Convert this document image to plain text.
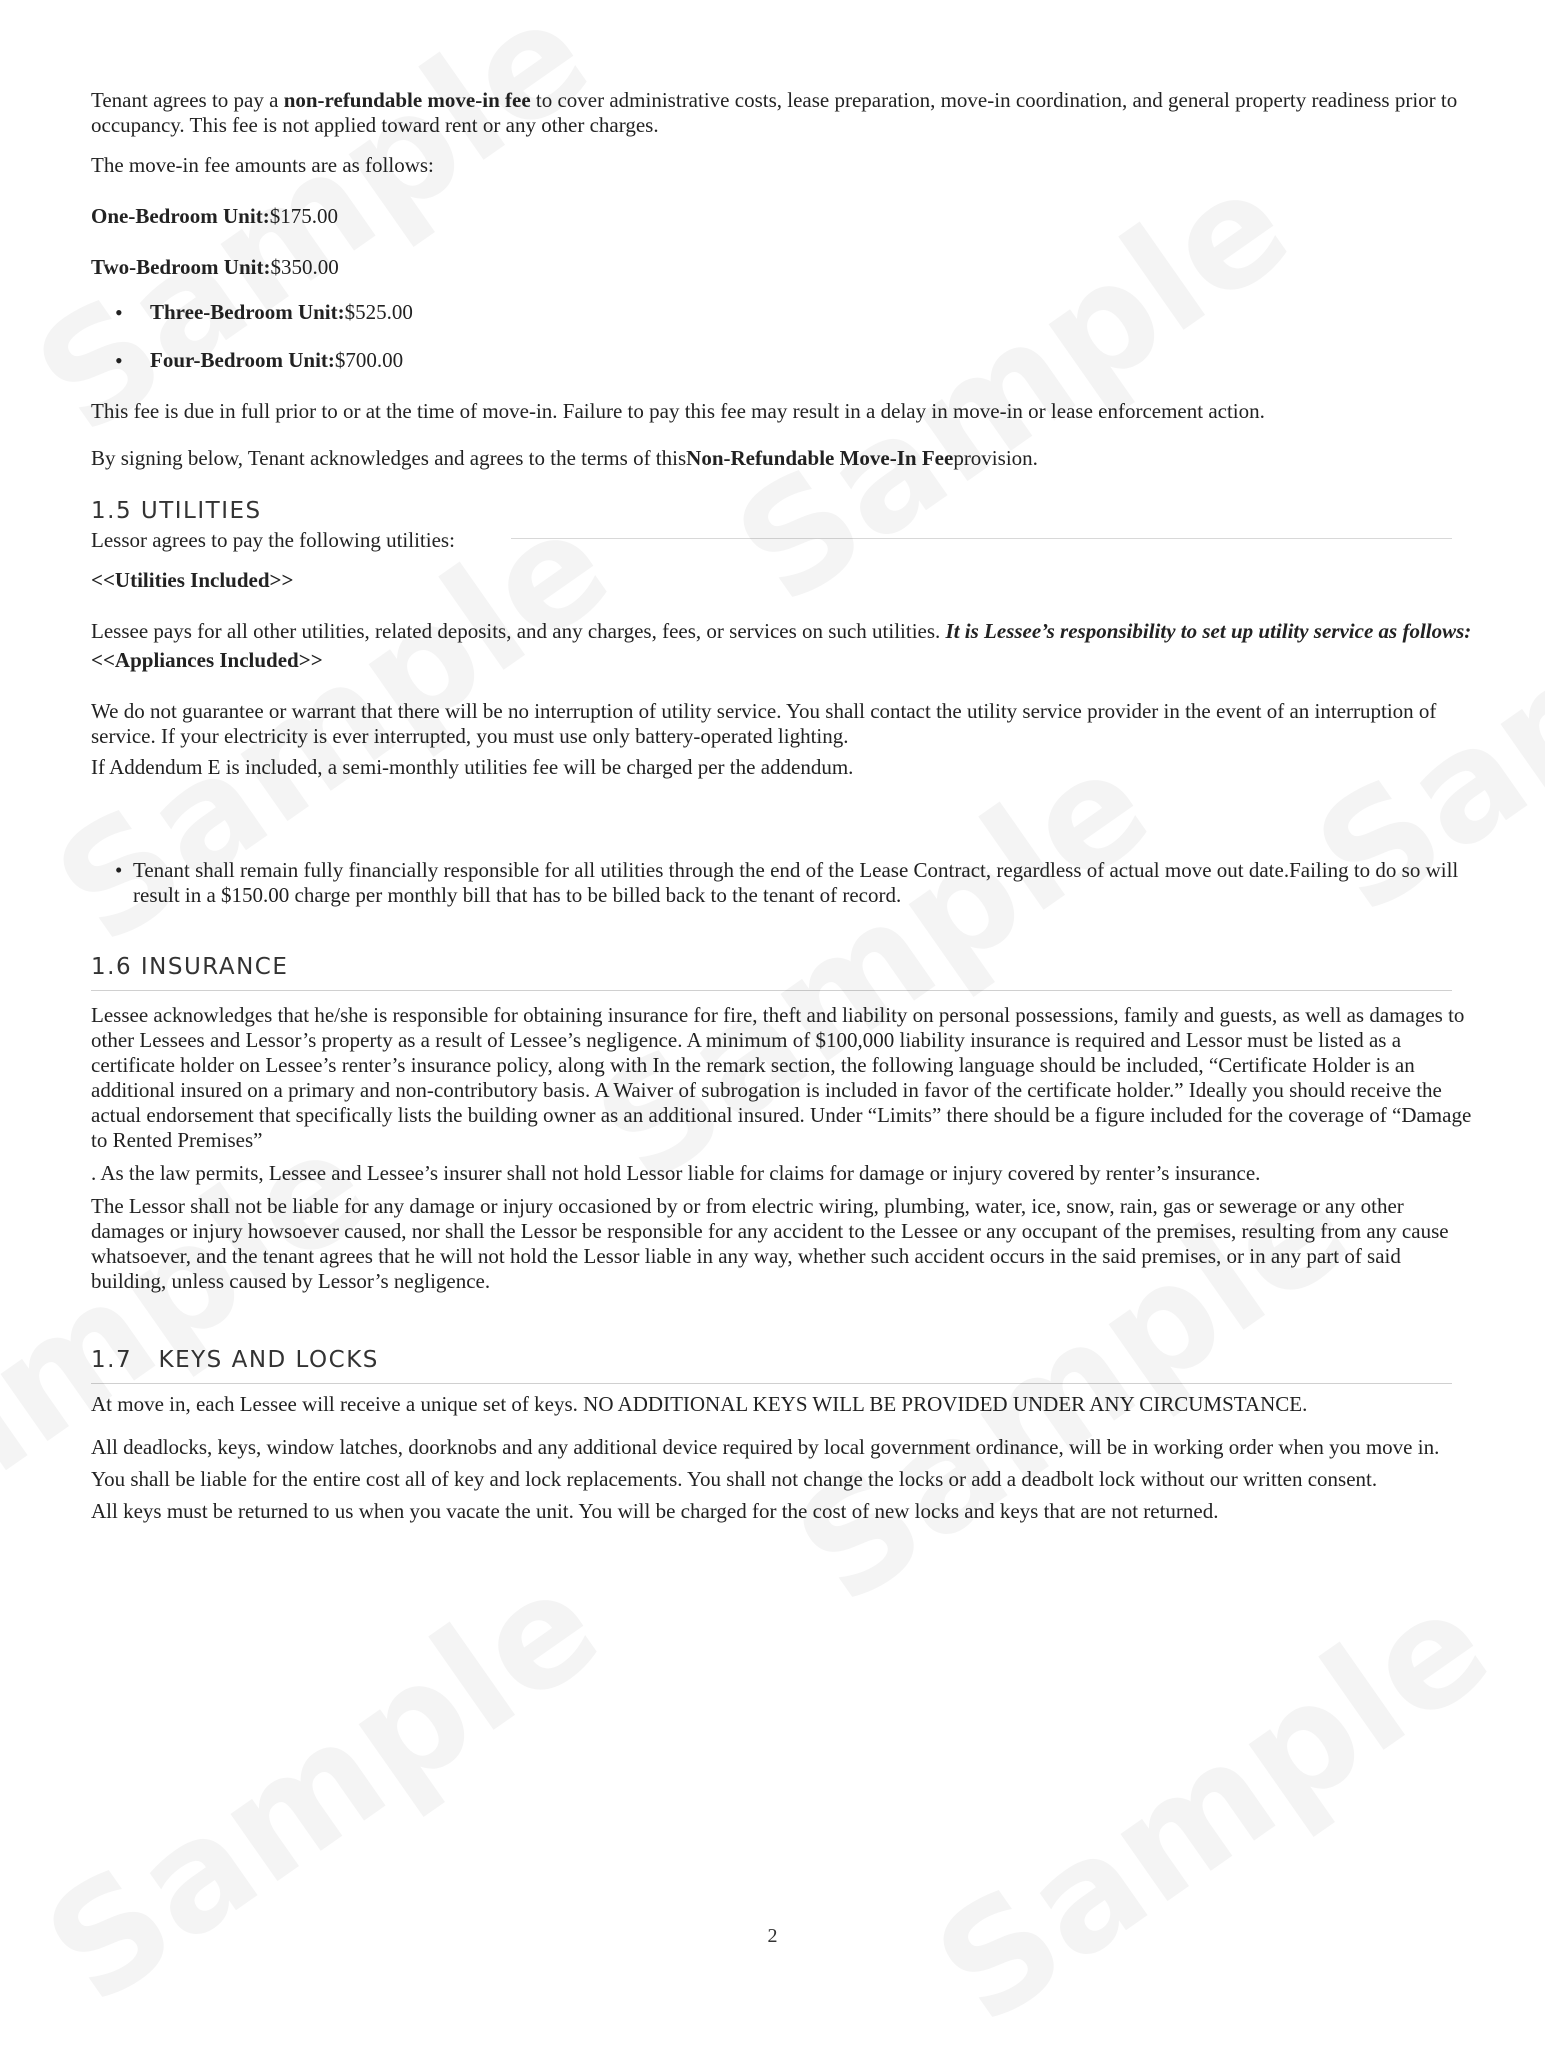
Tenant agrees to pay a non-refundable move-in fee to cover administrative costs, lease preparation, move-in coordination, and general property readiness prior to occupancy. This fee is not applied toward rent or any other charges.

The move-in fee amounts are as follows:

One-Bedroom Unit:$175.00

Two-Bedroom Unit:$350.00

• Three-Bedroom Unit:$525.00
• Four-Bedroom Unit:$700.00

This fee is due in full prior to or at the time of move-in. Failure to pay this fee may result in a delay in move-in or lease enforcement action.

By signing below, Tenant acknowledges and agrees to the terms of thisNon-Refundable Move-In Feeprovision.

1.5 UTILITIES

Lessor agrees to pay the following utilities:

<<Utilities Included>>

Lessee pays for all other utilities, related deposits, and any charges, fees, or services on such utilities. It is Lessee’s responsibility to set up utility service as follows:

<<Appliances Included>>

We do not guarantee or warrant that there will be no interruption of utility service. You shall contact the utility service provider in the event of an interruption of service. If your electricity is ever interrupted, you must use only battery-operated lighting.

If Addendum E is included, a semi-monthly utilities fee will be charged per the addendum.

• Tenant shall remain fully financially responsible for all utilities through the end of the Lease Contract, regardless of actual move out date.Failing to do so will result in a $150.00 charge per monthly bill that has to be billed back to the tenant of record.
1.6 INSURANCE

Lessee acknowledges that he/she is responsible for obtaining insurance for fire, theft and liability on personal possessions, family and guests, as well as damages to other Lessees and Lessor’s property as a result of Lessee’s negligence. A minimum of $100,000 liability insurance is required and Lessor must be listed as a certificate holder on Lessee’s renter’s insurance policy, along with In the remark section, the following language should be included, “Certificate Holder is an additional insured on a primary and non-contributory basis. A Waiver of subrogation is included in favor of the certificate holder.” Ideally you should receive the actual endorsement that specifically lists the building owner as an additional insured. Under “Limits” there should be a figure included for the coverage of “Damage to Rented Premises”

. As the law permits, Lessee and Lessee’s insurer shall not hold Lessor liable for claims for damage or injury covered by renter’s insurance.

The Lessor shall not be liable for any damage or injury occasioned by or from electric wiring, plumbing, water, ice, snow, rain, gas or sewerage or any other damages or injury howsoever caused, nor shall the Lessor be responsible for any accident to the Lessee or any occupant of the premises, resulting from any cause whatsoever, and the tenant agrees that he will not hold the Lessor liable in any way, whether such accident occurs in the said premises, or in any part of said building, unless caused by Lessor’s negligence.

1.7   KEYS AND LOCKS

At move in, each Lessee will receive a unique set of keys. NO ADDITIONAL KEYS WILL BE PROVIDED UNDER ANY CIRCUMSTANCE.

All deadlocks, keys, window latches, doorknobs and any additional device required by local government ordinance, will be in working order when you move in.

You shall be liable for the entire cost all of key and lock replacements. You shall not change the locks or add a deadbolt lock without our written consent.

All keys must be returned to us when you vacate the unit. You will be charged for the cost of new locks and keys that are not returned.

2
